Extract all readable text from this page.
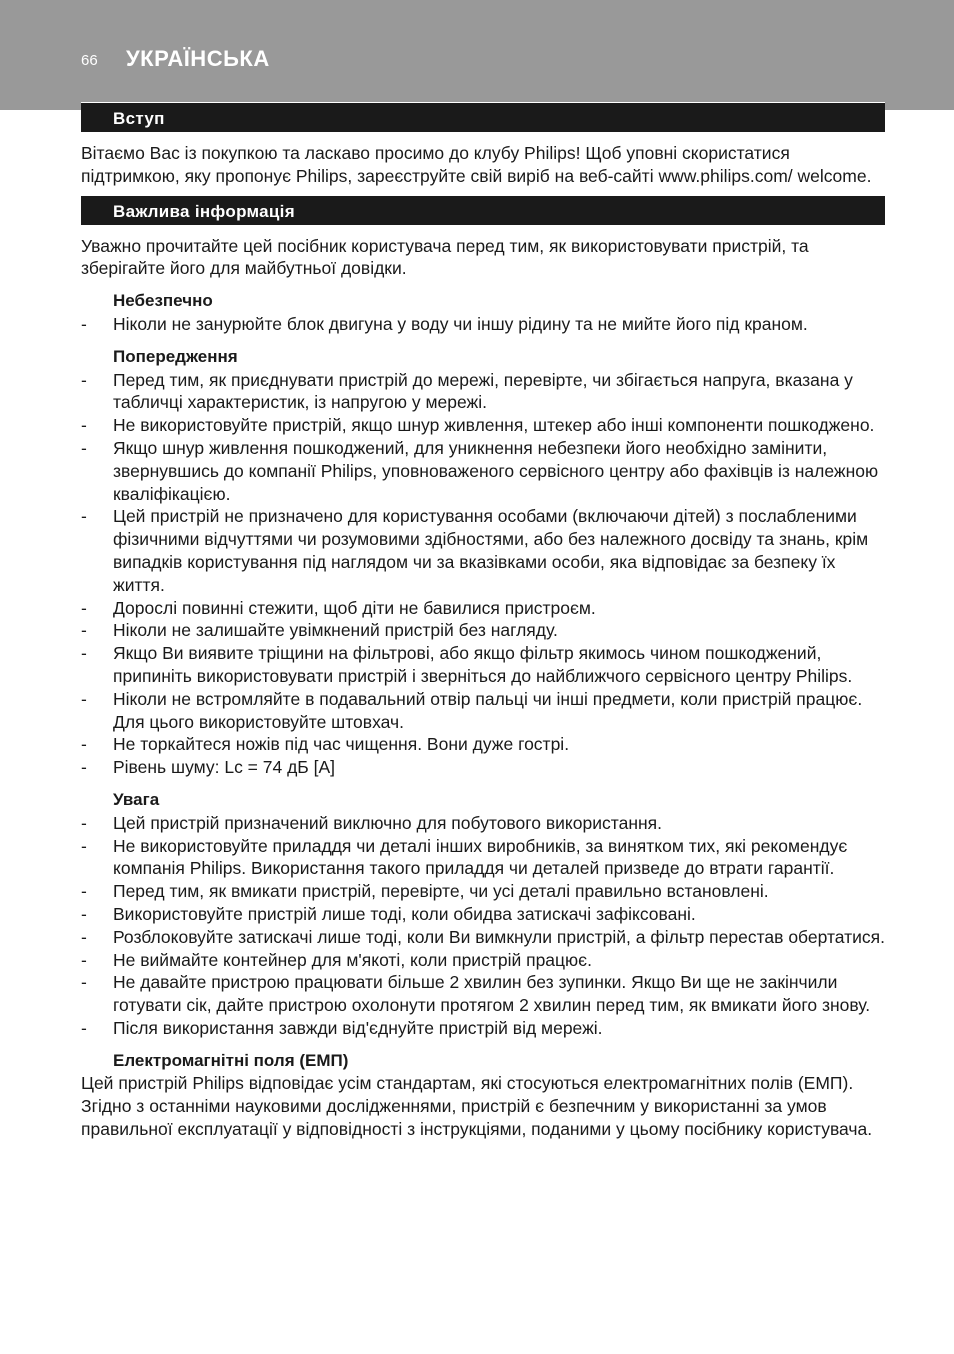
66 УКРАЇНСЬКА
Вступ

Вітаємо Вас із покупкою та ласкаво просимо до клубу Philips! Щоб уповні скористатися підтримкою, яку пропонує Philips, зареєструйте свій виріб на веб-сайті www.philips.com/ welcome.

Важлива інформація

Уважно прочитайте цей посібник користувача перед тим, як використовувати пристрій, та зберігайте його для майбутньої довідки.

Небезпечно

- Ніколи не занурюйте блок двигуна у воду чи іншу рідину та не мийте його під краном.

Попередження

- Перед тим, як приєднувати пристрій до мережі, перевірте, чи збігається напруга, вказана у табличці характеристик, із напругою у мережі.
- Не використовуйте пристрій, якщо шнур живлення, штекер або інші компоненти пошкоджено.
- Якщо шнур живлення пошкоджений, для уникнення небезпеки його необхідно замінити, звернувшись до компанії Philips, уповноваженого сервісного центру або фахівців із належною кваліфікацією.
- Цей пристрій не призначено для користування особами (включаючи дітей) з послабленими фізичними відчуттями чи розумовими здібностями, або без належного досвіду та знань, крім випадків користування під наглядом чи за вказівками особи, яка відповідає за безпеку їх життя.
- Дорослі повинні стежити, щоб діти не бавилися пристроєм.
- Ніколи не залишайте увімкнений пристрій без нагляду.
- Якщо Ви виявите тріщини на фільтрові, або якщо фільтр якимось чином пошкоджений, припиніть використовувати пристрій і зверніться до найближчого сервісного центру Philips.
- Ніколи не встромляйте в подавальний отвір пальці чи інші предмети, коли пристрій працює. Для цього використовуйте штовхач.
- Не торкайтеся ножів під час чищення. Вони дуже гострі.
- Рівень шуму: Lc = 74 дБ [A]

Увага

- Цей пристрій призначений виключно для побутового використання.
- Не використовуйте приладдя чи деталі інших виробників, за винятком тих, які рекомендує компанія Philips. Використання такого приладдя чи деталей призведе до втрати гарантії.
- Перед тим, як вмикати пристрій, перевірте, чи усі деталі правильно встановлені.
- Використовуйте пристрій лише тоді, коли обидва затискачі зафіксовані.
- Розблоковуйте затискачі лише тоді, коли Ви вимкнули пристрій, а фільтр перестав обертатися.
- Не виймайте контейнер для м'якоті, коли пристрій працює.
- Не давайте пристрою працювати більше 2 хвилин без зупинки. Якщо Ви ще не закінчили готувати сік, дайте пристрою охолонути протягом 2 хвилин перед тим, як вмикати його знову.
- Після використання завжди від'єднуйте пристрій від мережі.

Електромагнітні поля (ЕМП)

Цей пристрій Philips відповідає усім стандартам, які стосуються електромагнітних полів (ЕМП). Згідно з останніми науковими дослідженнями, пристрій є безпечним у використанні за умов правильної експлуатації у відповідності з інструкціями, поданими у цьому посібнику користувача.
